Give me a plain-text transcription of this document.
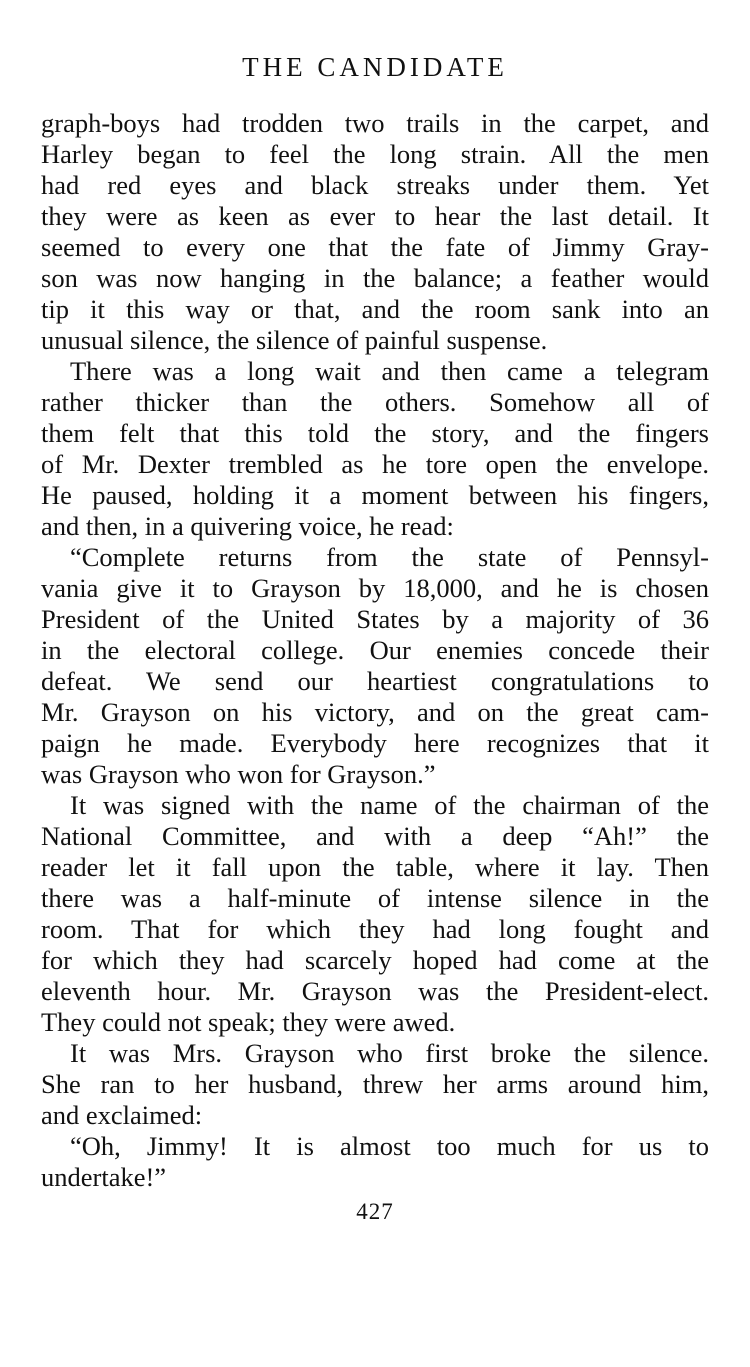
THE CANDIDATE
graph-boys had trodden two trails in the carpet, and
Harley began to feel the long strain. All the men
had red eyes and black streaks under them. Yet
they were as keen as ever to hear the last detail. It
seemed to every one that the fate of Jimmy Gray-
son was now hanging in the balance; a feather would
tip it this way or that, and the room sank into an
unusual silence, the silence of painful suspense.
There was a long wait and then came a telegram
rather thicker than the others. Somehow all of
them felt that this told the story, and the fingers
of Mr. Dexter trembled as he tore open the envelope.
He paused, holding it a moment between his fingers,
and then, in a quivering voice, he read:
“Complete returns from the state of Pennsyl-
vania give it to Grayson by 18,000, and he is chosen
President of the United States by a majority of 36
in the electoral college. Our enemies concede their
defeat. We send our heartiest congratulations to
Mr. Grayson on his victory, and on the great cam-
paign he made. Everybody here recognizes that it
was Grayson who won for Grayson.”
It was signed with the name of the chairman of the
National Committee, and with a deep “Ah!” the
reader let it fall upon the table, where it lay. Then
there was a half-minute of intense silence in the
room. That for which they had long fought and
for which they had scarcely hoped had come at the
eleventh hour. Mr. Grayson was the President-elect.
They could not speak; they were awed.
It was Mrs. Grayson who first broke the silence.
She ran to her husband, threw her arms around him,
and exclaimed:
“Oh, Jimmy! It is almost too much for us to
undertake!”
427
